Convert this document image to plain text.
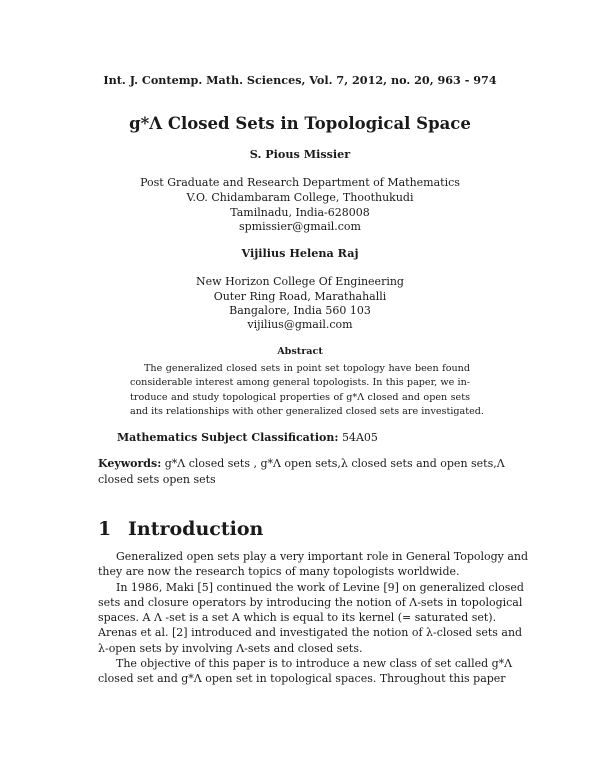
Int. J. Contemp. Math. Sciences, Vol. 7, 2012, no. 20, 963 - 974
g*Λ Closed Sets in Topological Space
S. Pious Missier
Post Graduate and Research Department of Mathematics
V.O. Chidambaram College, Thoothukudi
Tamilnadu, India-628008
spmissier@gmail.com
Vijilius Helena Raj
New Horizon College Of Engineering
Outer Ring Road, Marathahalli
Bangalore, India 560 103
vijilius@gmail.com
Abstract
The generalized closed sets in point set topology have been found
considerable interest among general topologists. In this paper, we in-
troduce and study topological properties of g*Λ closed and open sets
and its relationships with other generalized closed sets are investigated.
Mathematics Subject Classification: 54A05
Keywords: g*Λ closed sets , g*Λ open sets,λ closed sets and open sets,Λ
closed sets open sets
1 Introduction
Generalized open sets play a very important role in General Topology and
they are now the research topics of many topologists worldwide.
In 1986, Maki [5] continued the work of Levine [9] on generalized closed
sets and closure operators by introducing the notion of Λ-sets in topological
spaces. A Λ -set is a set A which is equal to its kernel (= saturated set).
Arenas et al. [2] introduced and investigated the notion of λ-closed sets and
λ-open sets by involving Λ-sets and closed sets.
The objective of this paper is to introduce a new class of set called g*Λ
closed set and g*Λ open set in topological spaces. Throughout this paper
